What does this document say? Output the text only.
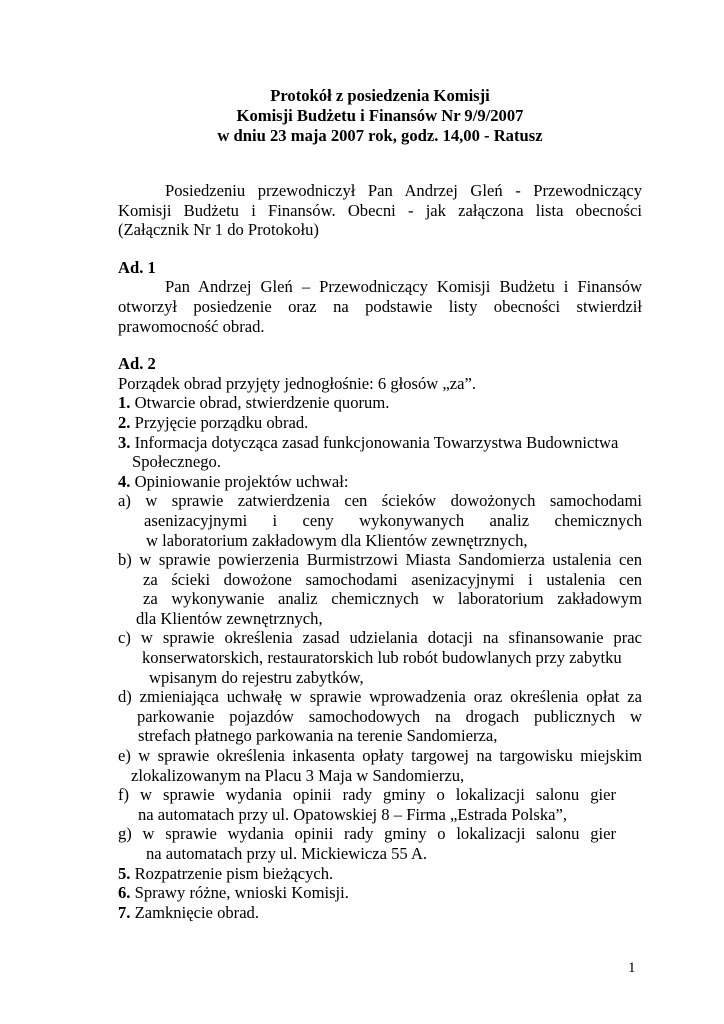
Protokół z posiedzenia Komisji
Komisji Budżetu i Finansów Nr 9/9/2007
w dniu 23 maja 2007 rok, godz. 14,00 - Ratusz
Posiedzeniu przewodniczył Pan Andrzej Gleń - Przewodniczący Komisji Budżetu i Finansów. Obecni - jak załączona lista obecności (Załącznik Nr 1 do Protokołu)
Ad. 1
Pan Andrzej Gleń – Przewodniczący Komisji Budżetu i Finansów otworzył posiedzenie oraz na podstawie listy obecności stwierdził prawomocność obrad.
Ad. 2
Porządek obrad przyjęty jednogłośnie: 6 głosów „za”.
1. Otwarcie obrad, stwierdzenie quorum.
2. Przyjęcie porządku obrad.
3. Informacja dotycząca zasad funkcjonowania Towarzystwa Budownictwa
Społecznego.
4. Opiniowanie projektów uchwał:
a) w sprawie zatwierdzenia cen ścieków dowożonych samochodami
asenizacyjnymi i ceny wykonywanych analiz chemicznych
w laboratorium zakładowym dla Klientów zewnętrznych,
b) w sprawie powierzenia Burmistrzowi Miasta Sandomierza ustalenia cen
za ścieki dowożone samochodami asenizacyjnymi i ustalenia cen
za wykonywanie analiz chemicznych w laboratorium zakładowym
dla Klientów zewnętrznych,
c) w sprawie określenia zasad udzielania dotacji na sfinansowanie prac
konserwatorskich, restauratorskich lub robót budowlanych przy zabytku
wpisanym do rejestru zabytków,
d) zmieniająca uchwałę w sprawie wprowadzenia oraz określenia opłat za
parkowanie pojazdów samochodowych na drogach publicznych w
strefach płatnego parkowania na terenie Sandomierza,
e) w sprawie określenia inkasenta opłaty targowej na targowisku miejskim
zlokalizowanym na Placu 3 Maja w Sandomierzu,
f) w sprawie wydania opinii rady gminy o lokalizacji salonu gier
na automatach przy ul. Opatowskiej 8 – Firma „Estrada Polska”,
g) w sprawie wydania opinii rady gminy o lokalizacji salonu gier
na automatach przy ul. Mickiewicza 55 A.
5. Rozpatrzenie pism bieżących.
6. Sprawy różne, wnioski Komisji.
7. Zamknięcie obrad.
1
